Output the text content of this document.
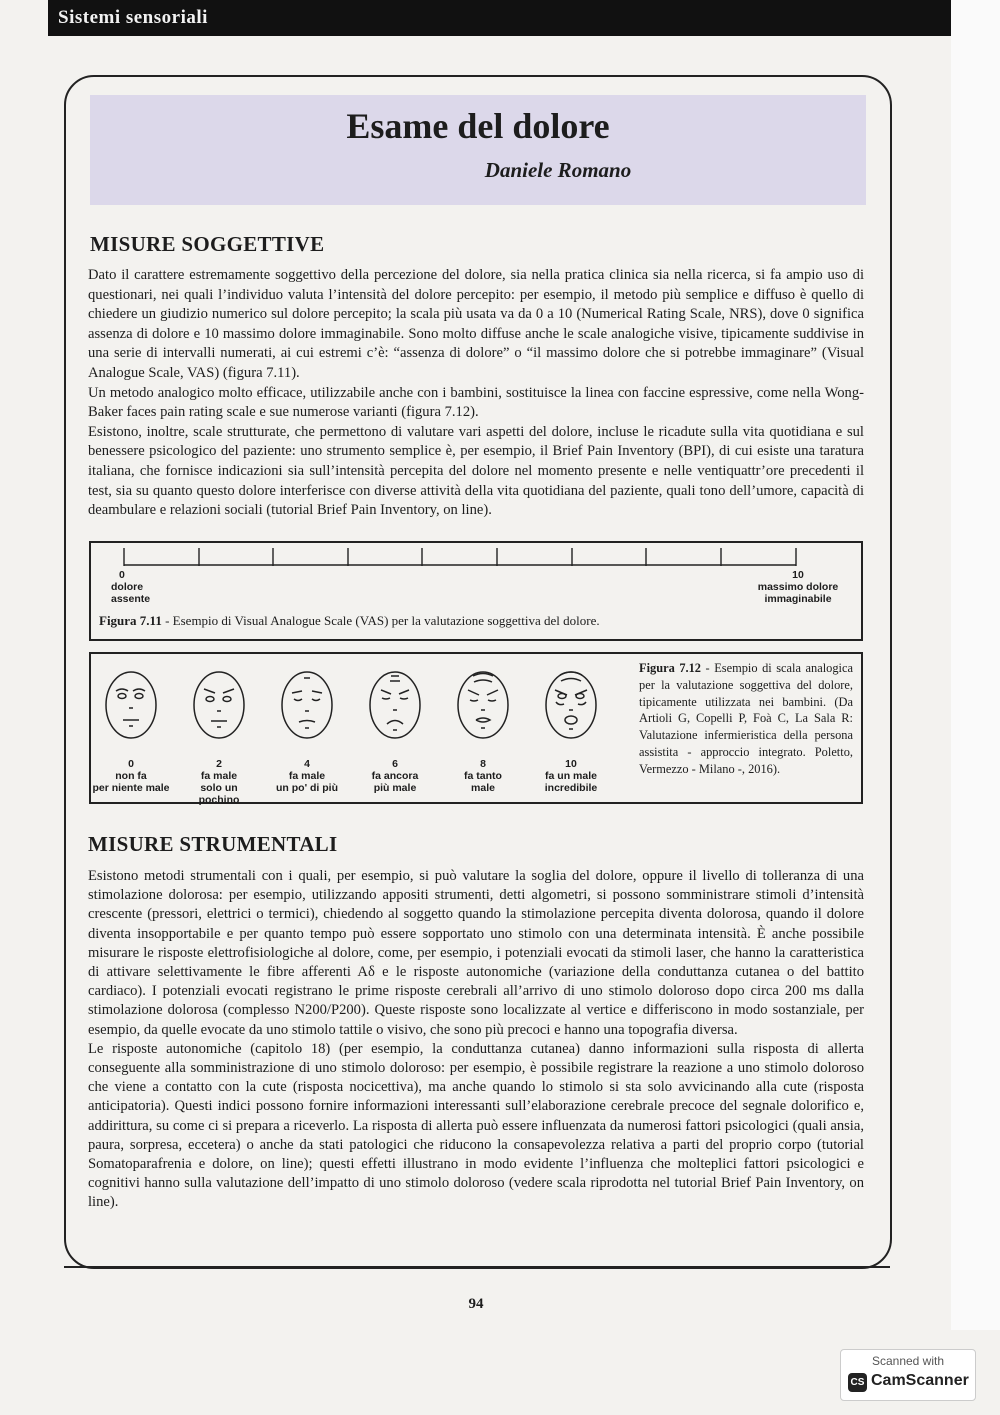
Sistemi sensoriali
Esame del dolore
Daniele Romano
MISURE SOGGETTIVE

Dato il carattere estremamente soggettivo della percezione del dolore, sia nella pratica clinica sia nella ricerca, si fa ampio uso di questionari, nei quali l’individuo valuta l’intensità del dolore percepito: per esempio, il metodo più semplice e diffuso è quello di chiedere un giudizio numerico sul dolore percepito; la scala più usata va da 0 a 10 (Numerical Rating Scale, NRS), dove 0 significa assenza di dolore e 10 massimo dolore immaginabile. Sono molto diffuse anche le scale analogiche visive, tipicamente suddivise in una serie di intervalli numerati, ai cui estremi c’è: “assenza di dolore” o “il massimo dolore che si potrebbe immaginare” (Visual Analogue Scale, VAS) (figura 7.11).

Un metodo analogico molto efficace, utilizzabile anche con i bambini, sostituisce la linea con faccine espressive, come nella Wong-Baker faces pain rating scale e sue numerose varianti (figura 7.12).

Esistono, inoltre, scale strutturate, che permettono di valutare vari aspetti del dolore, incluse le ricadute sulla vita quotidiana e sul benessere psicologico del paziente: uno strumento semplice è, per esempio, il Brief Pain Inventory (BPI), di cui esiste una taratura italiana, che fornisce indicazioni sia sull’intensità percepita del dolore nel momento presente e nelle ventiquattr’ore precedenti il test, sia su quanto questo dolore interferisce con diverse attività della vita quotidiana del paziente, quali tono dell’umore, capacità di deambulare e relazioni sociali (tutorial Brief Pain Inventory, on line).

0
dolore
assente
10
massimo dolore
immaginabile
Figura 7.11 - Esempio di Visual Analogue Scale (VAS) per la valutazione soggettiva del dolore.
0
non fa
per niente male
2
fa male
solo un pochino
4
fa male
un po' di più
6
fa ancora
più male
8
fa tanto
male
10
fa un male
incredibile
Figura 7.12 - Esempio di scala analogica per la valutazione soggettiva del dolore, tipicamente utilizzata nei bambini. (Da Artioli G, Copelli P, Foà C, La Sala R: Valutazione infermieristica della persona assistita - approccio integrato. Poletto, Vermezzo - Milano -, 2016).
MISURE STRUMENTALI

Esistono metodi strumentali con i quali, per esempio, si può valutare la soglia del dolore, oppure il livello di tolleranza di una stimolazione dolorosa: per esempio, utilizzando appositi strumenti, detti algometri, si possono somministrare stimoli d’intensità crescente (pressori, elettrici o termici), chiedendo al soggetto quando la stimolazione percepita diventa dolorosa, quando il dolore diventa insopportabile e per quanto tempo può essere sopportato uno stimolo con una determinata intensità. È anche possibile misurare le risposte elettrofisiologiche al dolore, come, per esempio, i potenziali evocati da stimoli laser, che hanno la caratteristica di attivare selettivamente le fibre afferenti Aδ e le risposte autonomiche (variazione della conduttanza cutanea o del battito cardiaco). I potenziali evocati registrano le prime risposte cerebrali all’arrivo di uno stimolo doloroso dopo circa 200 ms dalla stimolazione dolorosa (complesso N200/P200). Queste risposte sono localizzate al vertice e differiscono in modo sostanziale, per esempio, da quelle evocate da uno stimolo tattile o visivo, che sono più precoci e hanno una topografia diversa.

Le risposte autonomiche (capitolo 18) (per esempio, la conduttanza cutanea) danno informazioni sulla risposta di allerta conseguente alla somministrazione di uno stimolo doloroso: per esempio, è possibile registrare la reazione a uno stimolo doloroso che viene a contatto con la cute (risposta nocicettiva), ma anche quando lo stimolo si sta solo avvicinando alla cute (risposta anticipatoria). Questi indici possono fornire informazioni interessanti sull’elaborazione cerebrale precoce del segnale dolorifico e, addirittura, su come ci si prepara a riceverlo. La risposta di allerta può essere influenzata da numerosi fattori psicologici (quali ansia, paura, sorpresa, eccetera) o anche da stati patologici che riducono la consapevolezza relativa a parti del proprio corpo (tutorial Somatoparafrenia e dolore, on line); questi effetti illustrano in modo evidente l’influenza che molteplici fattori psicologici e cognitivi hanno sulla valutazione dell’impatto di uno stimolo doloroso (vedere scala riprodotta nel tutorial Brief Pain Inventory, on line).

94
Scanned with
CS CamScanner
